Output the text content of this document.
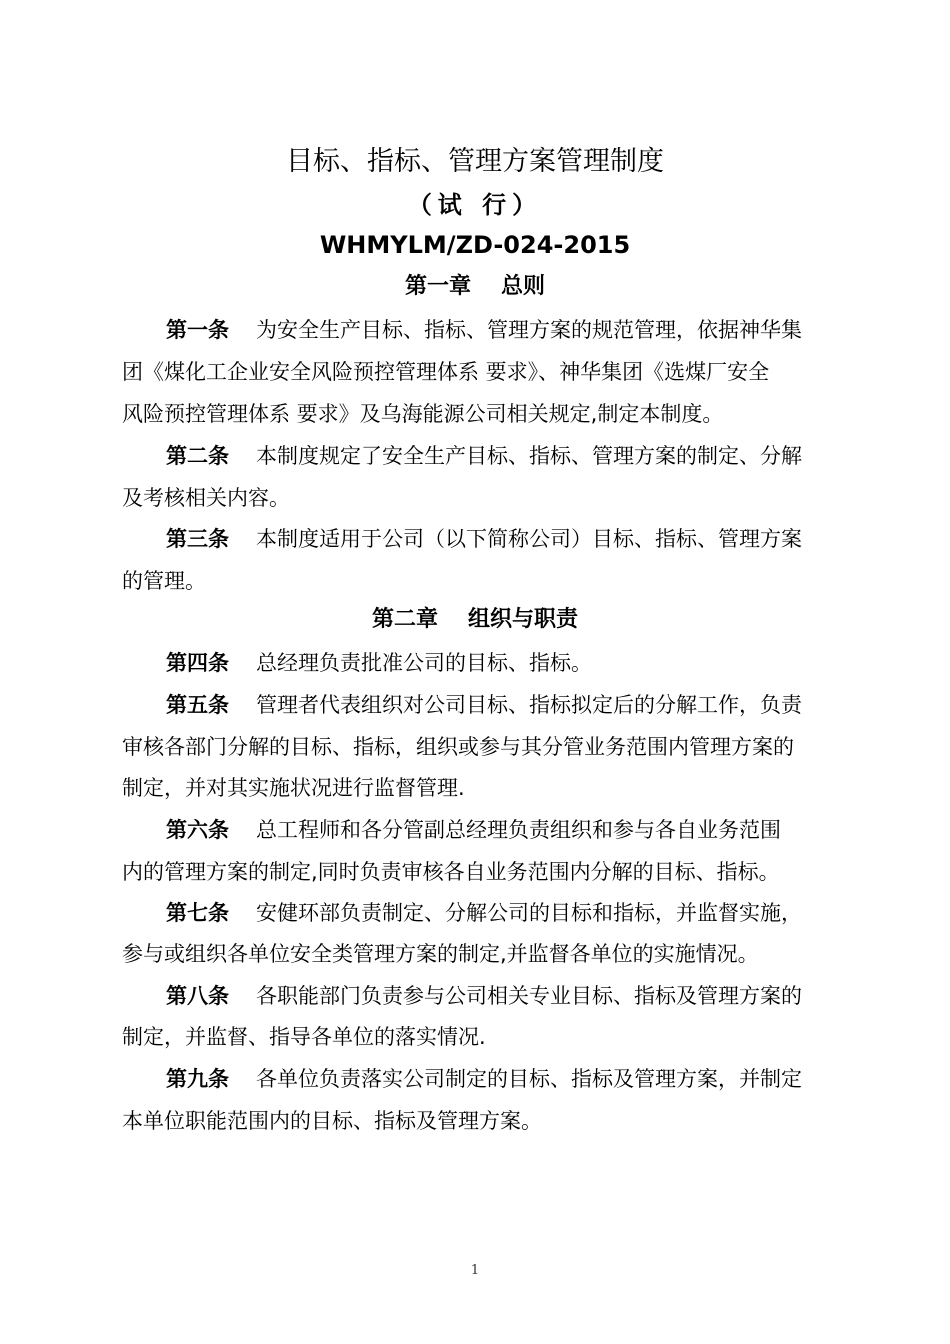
目标、指标、管理方案管理制度
（试 行）
WHMYLM/ZD-024-2015
第一章 总则
第一条 为安全生产目标、指标、管理方案的规范管理，依据神华集
团《煤化工企业安全风险预控管理体系 要求》、神华集团《选煤厂安全
风险预控管理体系 要求》及乌海能源公司相关规定,制定本制度。
第二条 本制度规定了安全生产目标、指标、管理方案的制定、分解
及考核相关内容。
第三条 本制度适用于公司（以下简称公司）目标、指标、管理方案
的管理。
第二章 组织与职责
第四条 总经理负责批准公司的目标、指标。
第五条 管理者代表组织对公司目标、指标拟定后的分解工作，负责
审核各部门分解的目标、指标，组织或参与其分管业务范围内管理方案的
制定，并对其实施状况进行监督管理.
第六条 总工程师和各分管副总经理负责组织和参与各自业务范围
内的管理方案的制定,同时负责审核各自业务范围内分解的目标、指标。
第七条 安健环部负责制定、分解公司的目标和指标，并监督实施，
参与或组织各单位安全类管理方案的制定,并监督各单位的实施情况。
第八条 各职能部门负责参与公司相关专业目标、指标及管理方案的
制定，并监督、指导各单位的落实情况.
第九条 各单位负责落实公司制定的目标、指标及管理方案，并制定
本单位职能范围内的目标、指标及管理方案。
1
